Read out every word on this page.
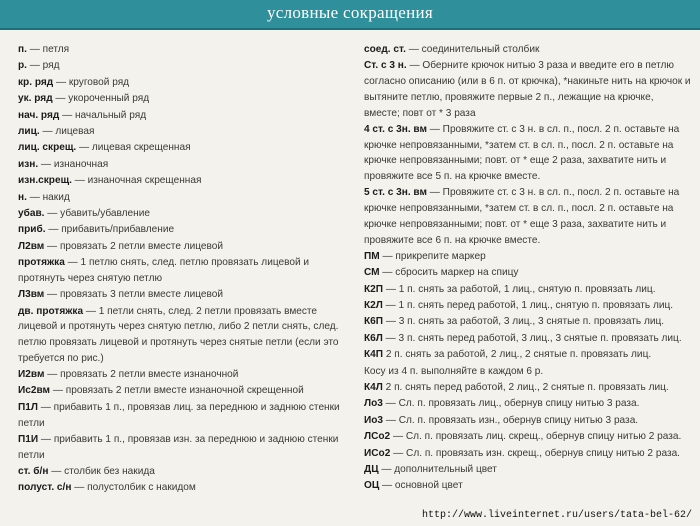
условные сокращения
п. — петля
р. — ряд
кр. ряд — круговой ряд
ук. ряд — укороченный ряд
нач. ряд — начальный ряд
лиц. — лицевая
лиц. скрещ. — лицевая скрещенная
изн. — изнаночная
изн.скрещ. — изнаночная скрещенная
н. — накид
убав. — убавить/убавление
приб. — прибавить/прибавление
Л2вм — провязать 2 петли вместе лицевой
протяжка — 1 петлю снять, след. петлю провязать лицевой и протянуть через снятую петлю
Л3вм — провязать 3 петли вместе лицевой
дв. протяжка — 1 петли снять, след. 2 петли провязать вместе лицевой и протянуть через снятую петлю, либо 2 петли снять, след. петлю провязать лицевой и протянуть через снятые петли (если это требуется по рис.)
И2вм — провязать 2 петли вместе изнаночной
Ис2вм — провязать 2 петли вместе изнаночной скрещенной
П1Л — прибавить 1 п., провязав лиц. за переднюю и заднюю стенки петли
П1И — прибавить 1 п., провязав изн. за переднюю и заднюю стенки петли
ст. б/н — столбик без накида
полуст. с/н — полустолбик с накидом
соед. ст. — соединительный столбик
Ст. с 3 н. — Оберните крючок нитью 3 раза и введите его в петлю согласно описанию (или в 6 п. от крючка), *накиньте нить на крючок и вытяните петлю, провяжите первые 2 п., лежащие на крючке, вместе; повт от * 3 раза
4 ст. с 3н. вм — Провяжите ст. с 3 н. в сл. п., посл. 2 п. оставьте на крючке непровязанными, *затем ст. в сл. п., посл. 2 п. оставьте на крючке непровязанными; повт. от * еще 2 раза, захватите нить и провяжите все 5 п. на крючке вместе.
5 ст. с 3н. вм — Провяжите ст. с 3 н. в сл. п., посл. 2 п. оставьте на крючке непровязанными, *затем ст. в сл. п., посл. 2 п. оставьте на крючке непровязанными; повт. от * еще 3 раза, захватите нить и провяжите все 6 п. на крючке вместе.
ПМ — прикрепите маркер
СМ — сбросить маркер на спицу
К2П — 1 п. снять за работой, 1 лиц., снятую п. провязать лиц.
К2Л — 1 п. снять перед работой, 1 лиц., снятую п. провязать лиц.
К6П — 3 п. снять за работой, 3 лиц., 3 снятые п. провязать лиц.
К6Л — 3 п. снять перед работой, 3 лиц., 3 снятые п. провязать лиц.
К4П 2 п. снять за работой, 2 лиц., 2 снятые п. провязать лиц.
Косу из 4 п. выполняйте в каждом 6 р.
К4Л 2 п. снять перед работой, 2 лиц., 2 снятые п. провязать лиц.
Ло3 — Сл. п. провязать лиц., обернув спицу нитью 3 раза.
Ио3 — Сл. п. провязать изн., обернув спицу нитью 3 раза.
ЛСо2 — Сл. п. провязать лиц. скрещ., обернув спицу нитью 2 раза.
ИСо2 — Сл. п. провязать изн. скрещ., обернув спицу нитью 2 раза.
ДЦ — дополнительный цвет
ОЦ — основной цвет
http://www.liveinternet.ru/users/tata-bel-62/
